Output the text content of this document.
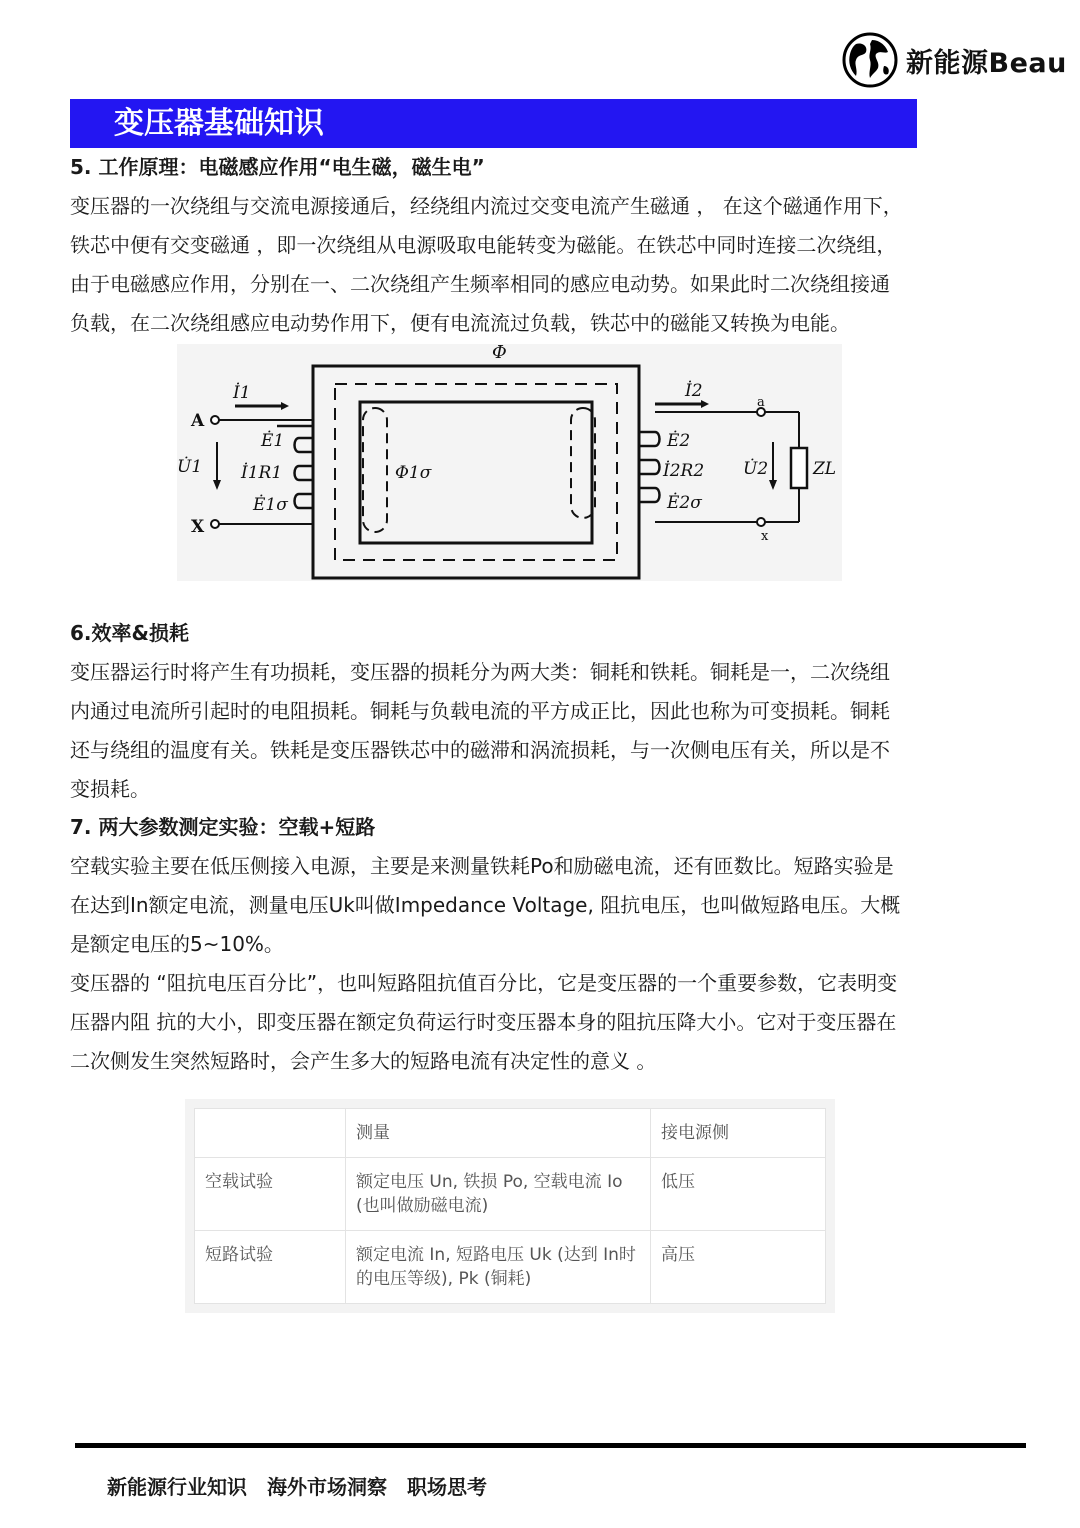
新能源Beau
变压器基础知识
5. 工作原理：电磁感应作用“电生磁，磁生电”

变压器的一次绕组与交流电源接通后，经绕组内流过交变电流产生磁通 ， 在这个磁通作用下，

铁芯中便有交变磁通 ，即一次绕组从电源吸取电能转变为磁能。在铁芯中同时连接二次绕组，

由于电磁感应作用，分别在一、二次绕组产生频率相同的感应电动势。如果此时二次绕组接通

负载，在二次绕组感应电动势作用下，便有电流流过负载，铁芯中的磁能又转换为电能。

Φ
İ1	İ2
A
X
a
x
Ė1
U̇1 İ1R1
Ė1σ
Φ1σ
Ė2
İ2R2
Ė2σ
U̇2	ZL
6.效率&损耗

变压器运行时将产生有功损耗，变压器的损耗分为两大类：铜耗和铁耗。铜耗是一，二次绕组

内通过电流所引起时的电阻损耗。铜耗与负载电流的平方成正比，因此也称为可变损耗。铜耗

还与绕组的温度有关。铁耗是变压器铁芯中的磁滞和涡流损耗，与一次侧电压有关，所以是不

变损耗。

7. 两大参数测定实验：空载+短路

空载实验主要在低压侧接入电源，主要是来测量铁耗Po和励磁电流，还有匝数比。短路实验是

在达到In额定电流，测量电压Uk叫做Impedance Voltage, 阻抗电压，也叫做短路电压。大概

是额定电压的5~10%。

变压器的 “阻抗电压百分比”，也叫短路阻抗值百分比，它是变压器的一个重要参数，它表明变

压器内阻 抗的大小，即变压器在额定负荷运行时变压器本身的阻抗压降大小。它对于变压器在

二次侧发生突然短路时，会产生多大的短路电流有决定性的意义 。

	测量	接电源侧
空载试验	额定电压 Un, 铁损 Po, 空载电流 Io (也叫做励磁电流)	低压
短路试验	额定电流 In, 短路电压 Uk (达到 In时的电压等级), Pk (铜耗)	高压
新能源行业知识 海外市场洞察 职场思考
